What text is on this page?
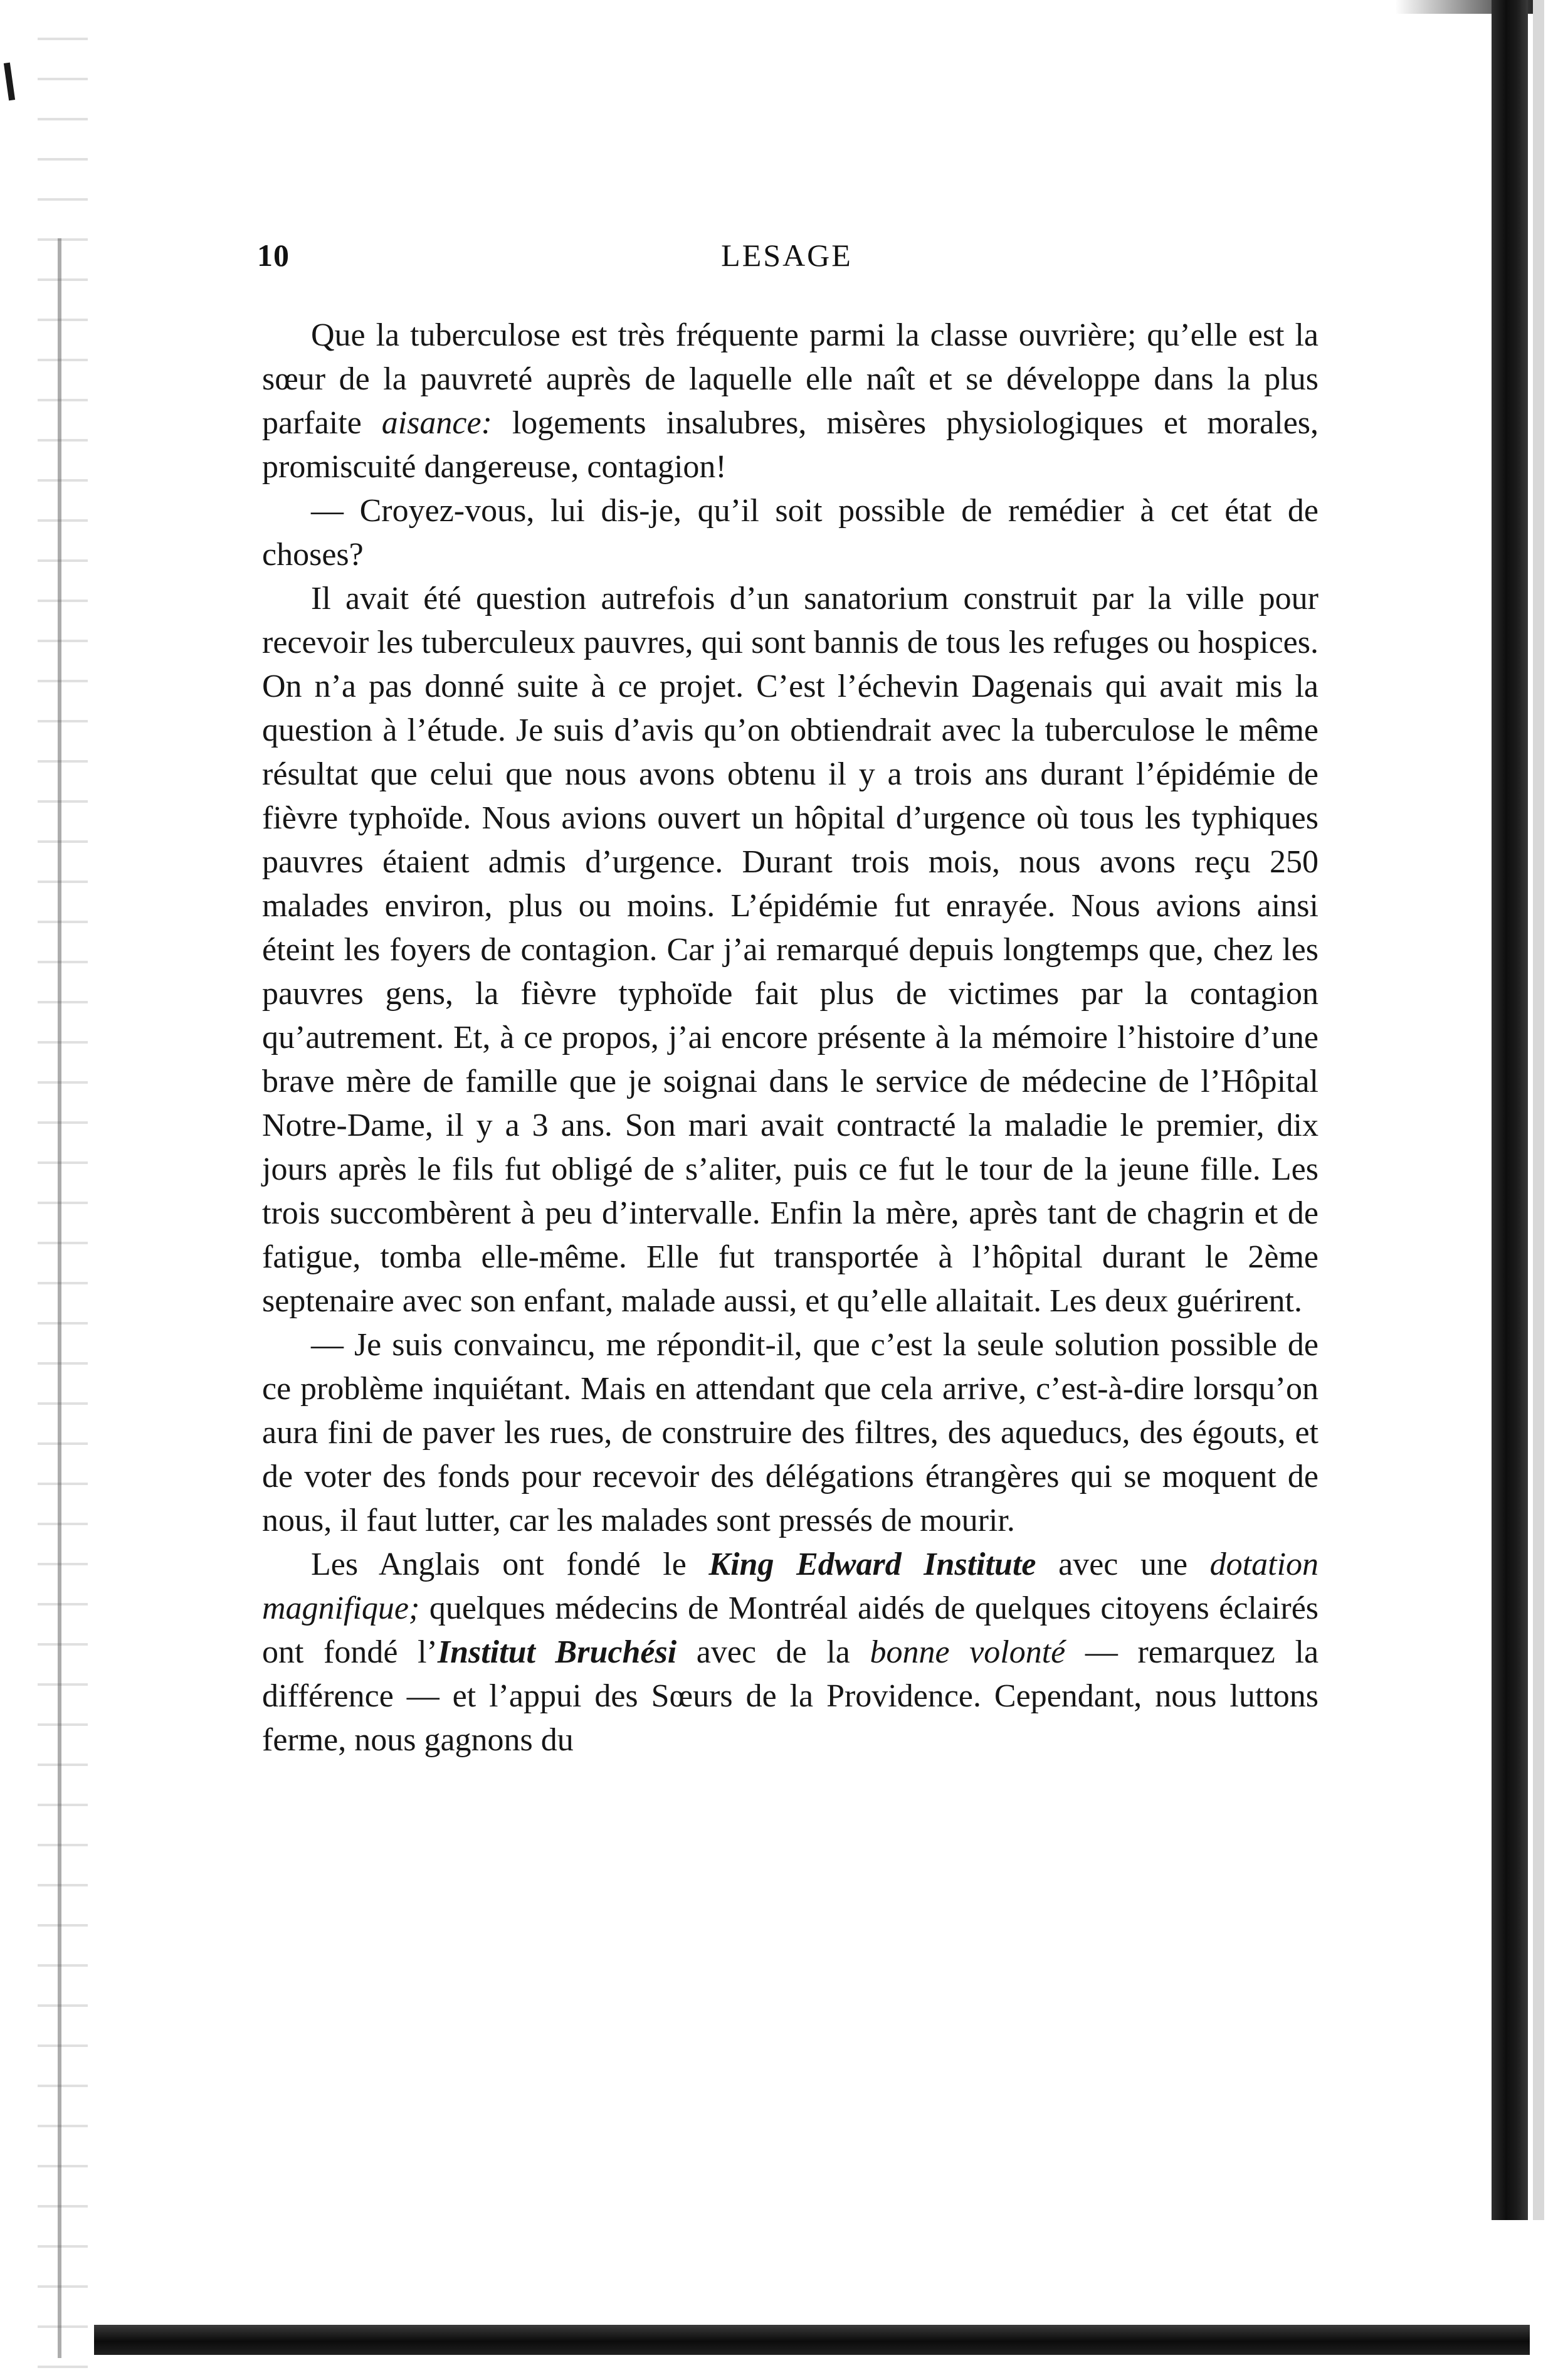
10	LESAGE

Que la tuberculose est très fréquente parmi la classe ouvrière; qu’elle est la sœur de la pauvreté auprès de laquelle elle naît et se développe dans la plus parfaite aisance: logements insalubres, misères physiologiques et morales, promiscuité dangereuse, contagion!

— Croyez-vous, lui dis-je, qu’il soit possible de remédier à cet état de choses?

Il avait été question autrefois d’un sanatorium construit par la ville pour recevoir les tuberculeux pauvres, qui sont bannis de tous les refuges ou hospices. On n’a pas donné suite à ce projet. C’est l’échevin Dagenais qui avait mis la question à l’étude. Je suis d’avis qu’on obtiendrait avec la tuberculose le même résultat que celui que nous avons obtenu il y a trois ans durant l’épidémie de fièvre typhoïde. Nous avions ouvert un hôpital d’urgence où tous les typhiques pauvres étaient admis d’urgence. Durant trois mois, nous avons reçu 250 malades environ, plus ou moins. L’épidémie fut enrayée. Nous avions ainsi éteint les foyers de contagion. Car j’ai remarqué depuis longtemps que, chez les pauvres gens, la fièvre typhoïde fait plus de victimes par la contagion qu’autrement. Et, à ce propos, j’ai encore présente à la mémoire l’histoire d’une brave mère de famille que je soignai dans le service de médecine de l’Hôpital Notre-Dame, il y a 3 ans. Son mari avait contracté la maladie le premier, dix jours après le fils fut obligé de s’aliter, puis ce fut le tour de la jeune fille. Les trois succombèrent à peu d’intervalle. Enfin la mère, après tant de chagrin et de fatigue, tomba elle-même. Elle fut transportée à l’hôpital durant le 2ème septenaire avec son enfant, malade aussi, et qu’elle allaitait. Les deux guérirent.

— Je suis convaincu, me répondit-il, que c’est la seule solution possible de ce problème inquiétant. Mais en attendant que cela arrive, c’est-à-dire lorsqu’on aura fini de paver les rues, de construire des filtres, des aqueducs, des égouts, et de voter des fonds pour recevoir des délégations étrangères qui se moquent de nous, il faut lutter, car les malades sont pressés de mourir.

Les Anglais ont fondé le King Edward Institute avec une dotation magnifique; quelques médecins de Montréal aidés de quelques citoyens éclairés ont fondé l’Institut Bruchési avec de la bonne volonté — remarquez la différence — et l’appui des Sœurs de la Providence. Cependant, nous luttons ferme, nous gagnons du
